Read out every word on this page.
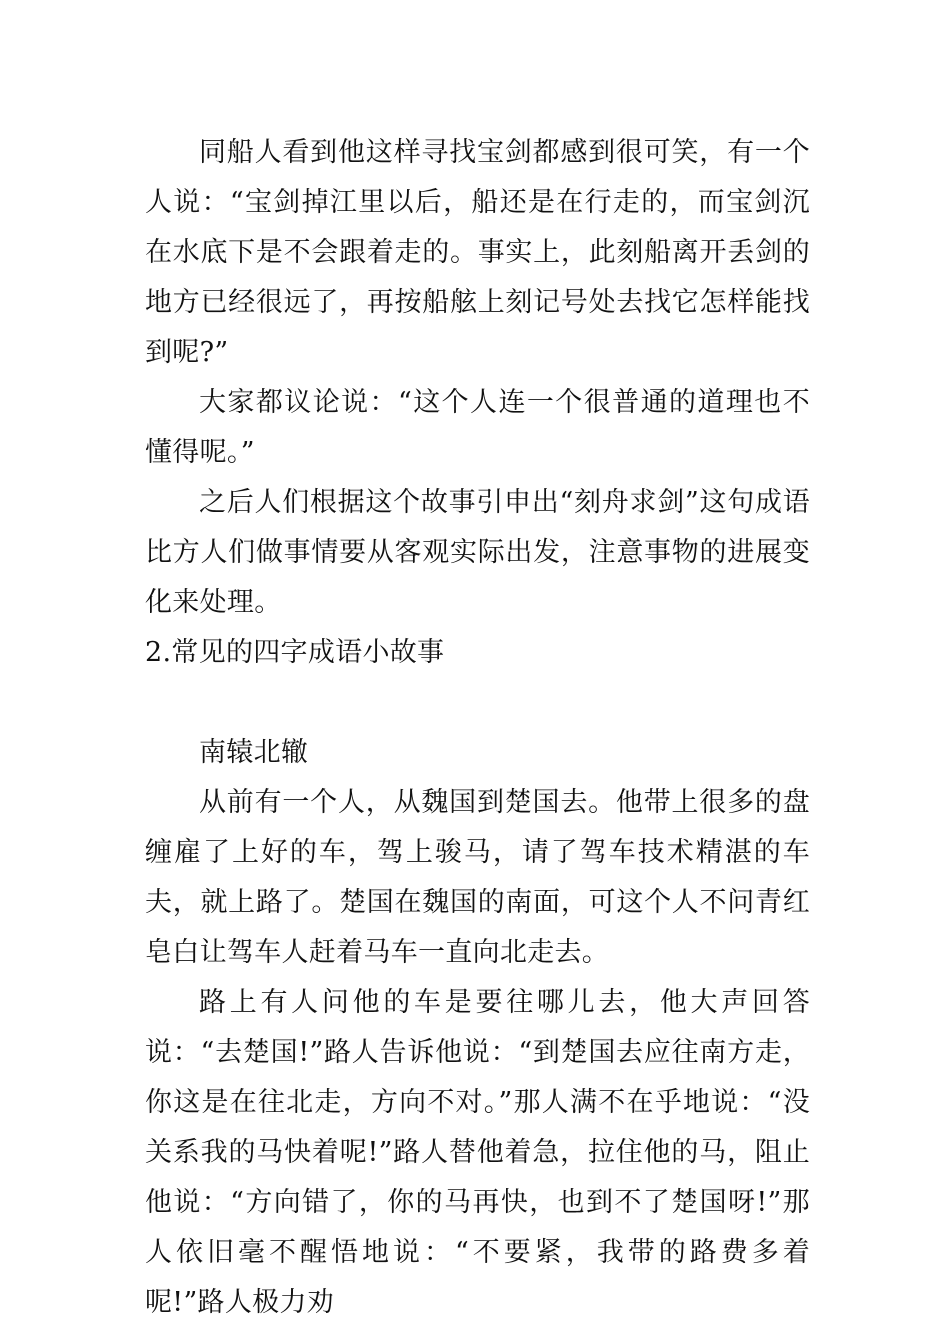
同船人看到他这样寻找宝剑都感到很可笑，有一个人说：“宝剑掉江里以后，船还是在行走的，而宝剑沉在水底下是不会跟着走的。事实上，此刻船离开丢剑的地方已经很远了，再按船舷上刻记号处去找它怎样能找到呢?”

大家都议论说：“这个人连一个很普通的道理也不懂得呢。”

之后人们根据这个故事引申出“刻舟求剑”这句成语比方人们做事情要从客观实际出发，注意事物的进展变化来处理。

2.常见的四字成语小故事

南辕北辙

从前有一个人，从魏国到楚国去。他带上很多的盘缠雇了上好的车，驾上骏马，请了驾车技术精湛的车夫，就上路了。楚国在魏国的南面，可这个人不问青红皂白让驾车人赶着马车一直向北走去。

路上有人问他的车是要往哪儿去，他大声回答说：“去楚国!”路人告诉他说：“到楚国去应往南方走，你这是在往北走，方向不对。”那人满不在乎地说：“没关系我的马快着呢!”路人替他着急，拉住他的马，阻止他说：“方向错了，你的马再快，也到不了楚国呀!”那人依旧毫不醒悟地说：“不要紧，我带的路费多着呢!”路人极力劝
